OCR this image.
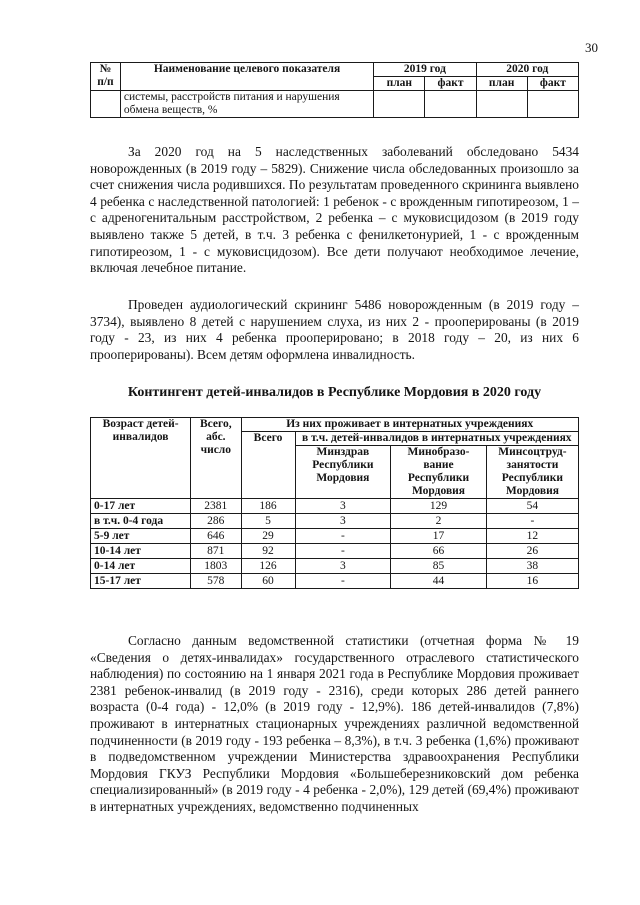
30
№ п/п	Наименование целевого показателя	2019 год		2020 год	
		план	факт	план	факт
	системы, расстройств питания и нарушения обмена веществ, %				

За 2020 год на 5 наследственных заболеваний обследовано 5434 новорожденных (в 2019 году – 5829). Снижение числа обследованных произошло за счет снижения числа родившихся. По результатам проведенного скрининга выявлено 4 ребенка с наследственной патологией: 1 ребенок - с врожденным гипотиреозом, 1 – с адреногенитальным расстройством, 2 ребенка – с муковисцидозом (в 2019 году выявлено также 5 детей, в т.ч. 3 ребенка с фенилкетонурией, 1 - с врожденным гипотиреозом, 1 - с муковисцидозом). Все дети получают необходимое лечение, включая лечебное питание.

Проведен аудиологический скрининг 5486 новорожденным (в 2019 году – 3734), выявлено 8 детей с нарушением слуха, из них 2 - прооперированы (в 2019 году - 23, из них 4 ребенка прооперировано; в 2018 году – 20, из них 6 прооперированы). Всем детям оформлена инвалидность.

Контингент детей-инвалидов в Республике Мордовия в 2020 году
Возраст детей-инвалидов	Всего, абс. число	Из них проживает в интернатных учреждениях			
		Всего	в т.ч. детей-инвалидов в интернатных учреждениях		
			Минздрав Республики Мордовия	Минобразо-вание Республики Мордовия	Минсоцтруд-занятости Республики Мордовия
0-17 лет	2381	186	3	129	54
в т.ч. 0-4 года	286	5	3	2	-
5-9 лет	646	29	-	17	12
10-14 лет	871	92	-	66	26
0-14 лет	1803	126	3	85	38
15-17 лет	578	60	-	44	16

Согласно данным ведомственной статистики (отчетная форма № 19 «Сведения о детях-инвалидах» государственного отраслевого статистического наблюдения) по состоянию на 1 января 2021 года в Республике Мордовия проживает 2381 ребенок-инвалид (в 2019 году - 2316), среди которых 286 детей раннего возраста (0-4 года) - 12,0% (в 2019 году - 12,9%). 186 детей-инвалидов (7,8%) проживают в интернатных стационарных учреждениях различной ведомственной подчиненности (в 2019 году - 193 ребенка – 8,3%), в т.ч. 3 ребенка (1,6%) проживают в подведомственном учреждении Министерства здравоохранения Республики Мордовия ГКУЗ Республики Мордовия «Большеберезниковский дом ребенка специализированный» (в 2019 году - 4 ребенка - 2,0%), 129 детей (69,4%) проживают в интернатных учреждениях, ведомственно подчиненных
